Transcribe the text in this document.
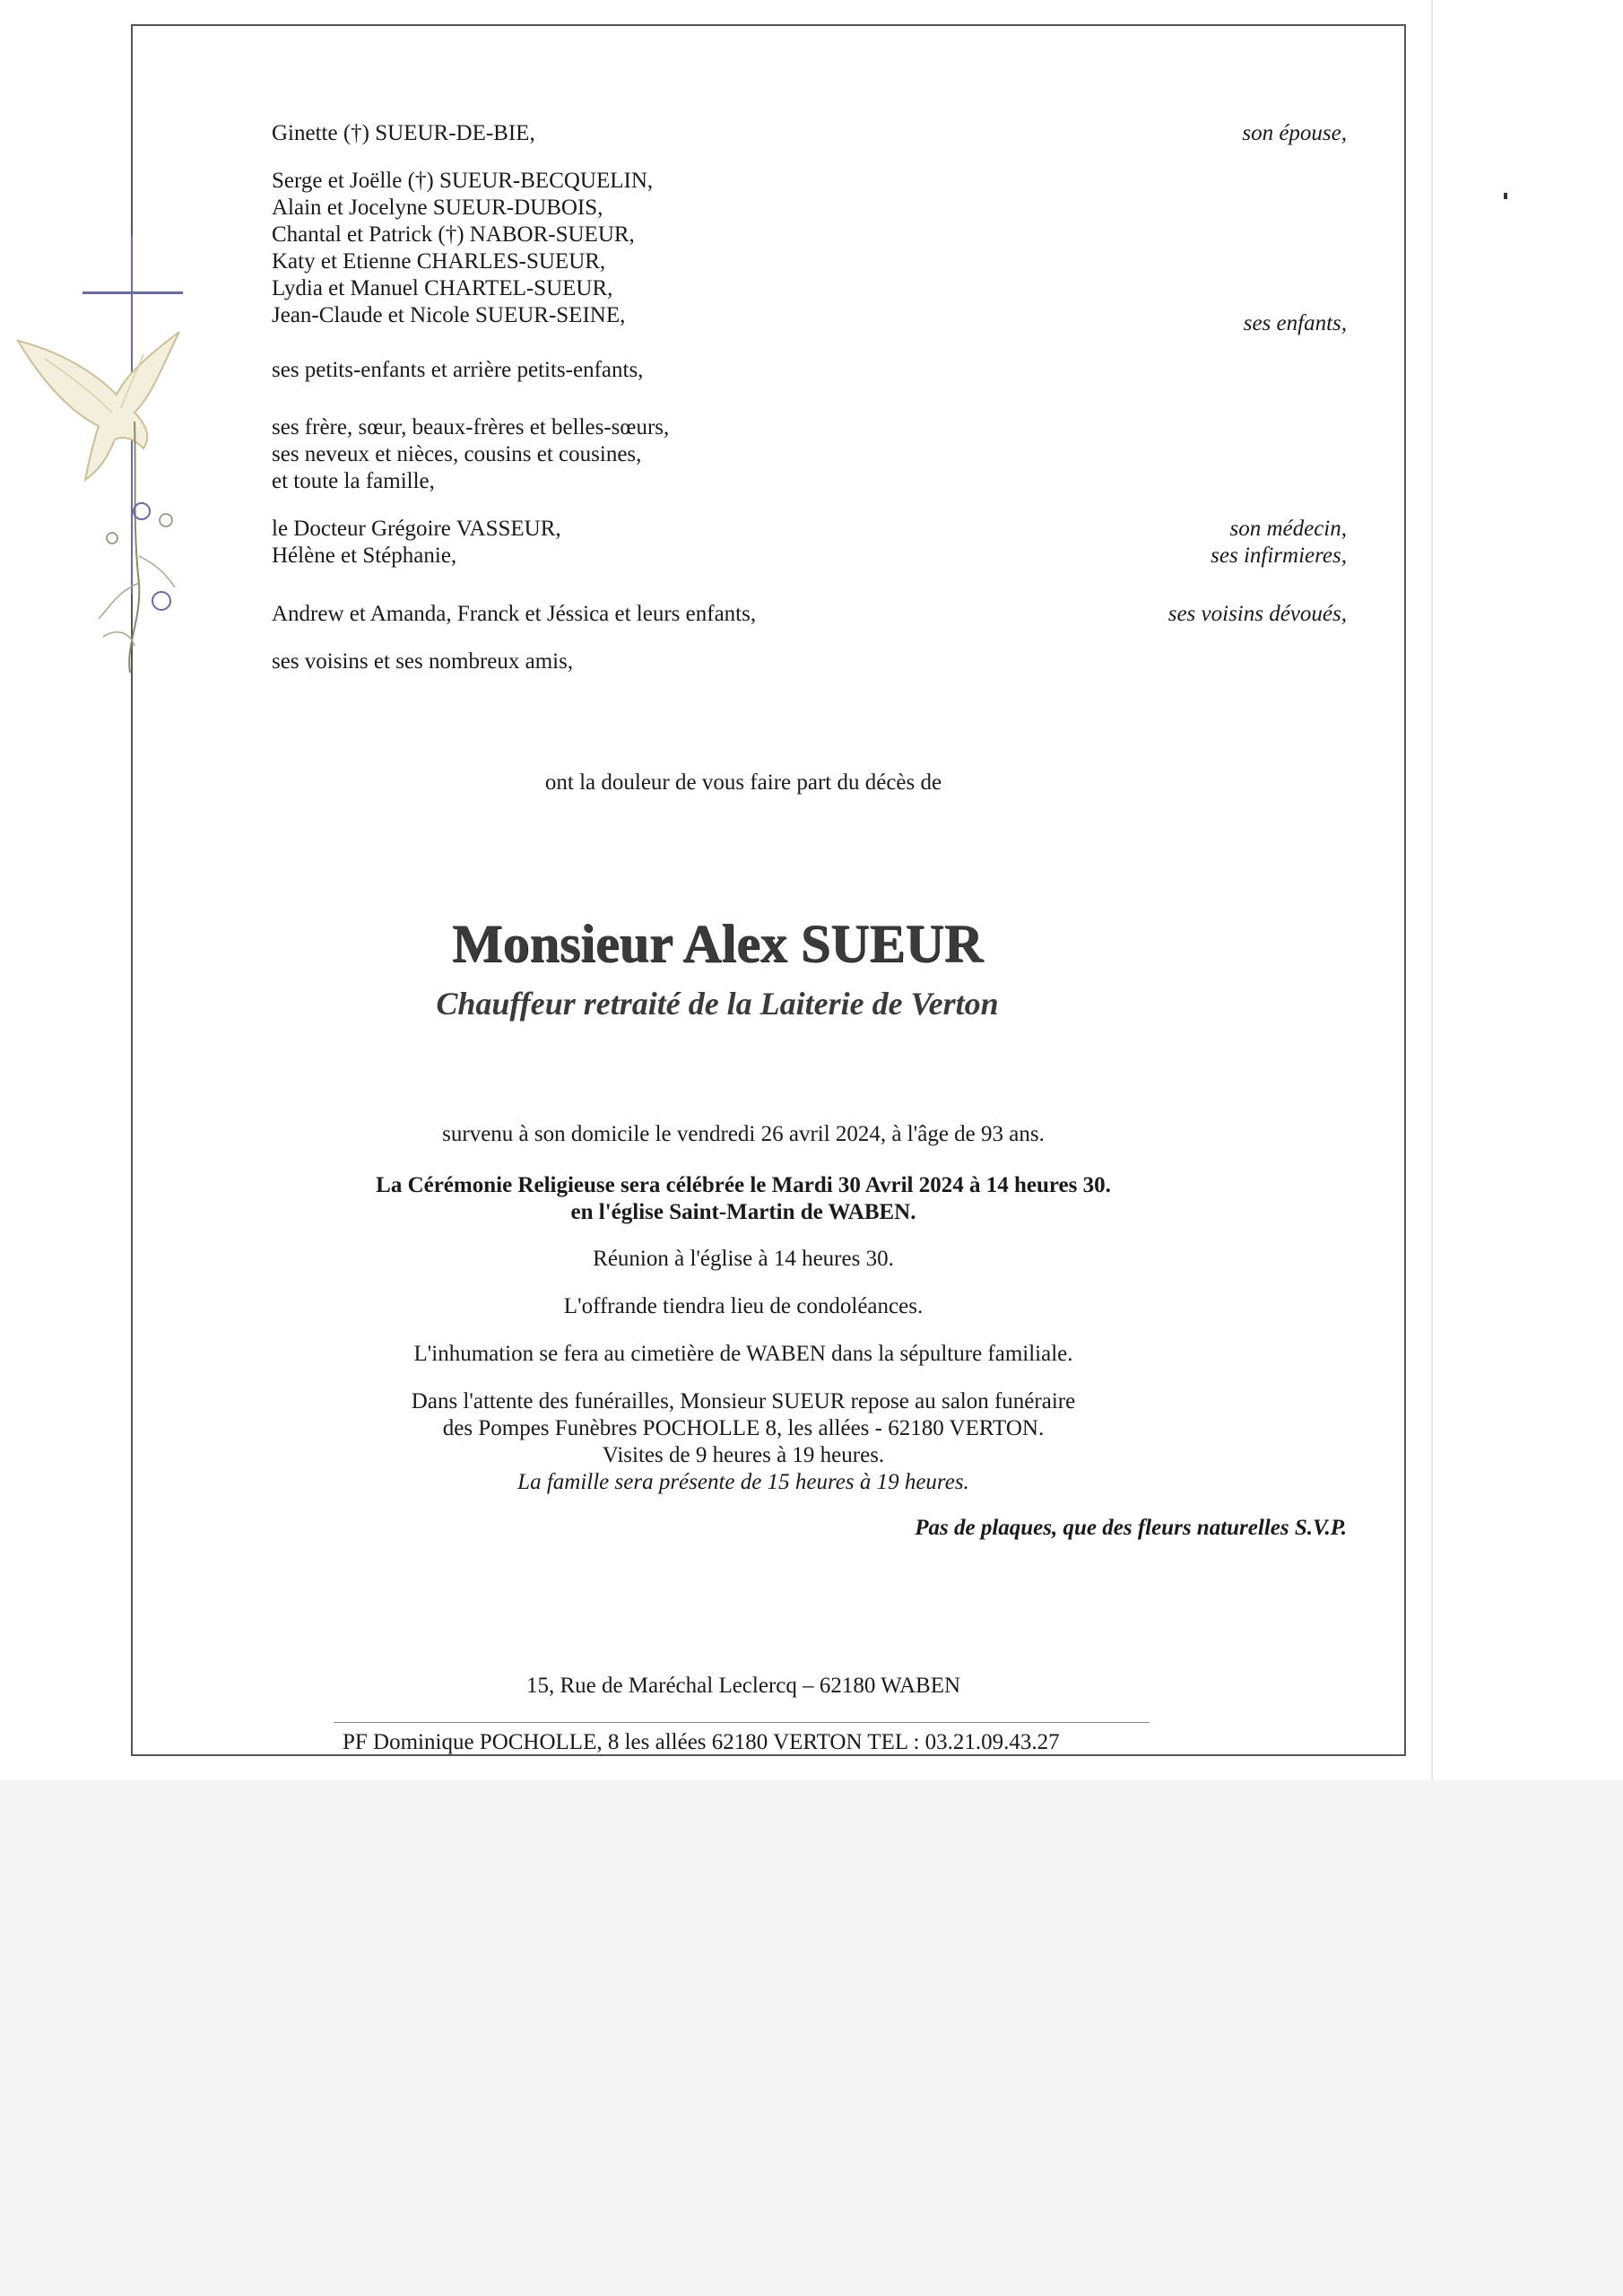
Ginette (†) SUEUR-DE-BIE,	son épouse,
Serge et Joëlle (†) SUEUR-BECQUELIN,
Alain et Jocelyne SUEUR-DUBOIS,
Chantal et Patrick (†) NABOR-SUEUR,
Katy et Etienne CHARLES-SUEUR,
Lydia et Manuel CHARTEL-SUEUR,
Jean-Claude et Nicole SUEUR-SEINE,	ses enfants,
ses petits-enfants et arrière petits-enfants,
ses frère, sœur, beaux-frères et belles-sœurs,
ses neveux et nièces, cousins et cousines,
et toute la famille,
le Docteur Grégoire VASSEUR,	son médecin,
Hélène et Stéphanie,	ses infirmieres,
Andrew et Amanda, Franck et Jéssica et leurs enfants,	ses voisins dévoués,
ses voisins et ses nombreux amis,
ont la douleur de vous faire part du décès de
Monsieur Alex SUEUR
Chauffeur retraité de la Laiterie de Verton
survenu à son domicile le vendredi 26 avril 2024, à l'âge de 93 ans.
La Cérémonie Religieuse sera célébrée le Mardi 30 Avril 2024 à 14 heures 30.
en l'église Saint-Martin de WABEN.
Réunion à l'église à 14 heures 30.
L'offrande tiendra lieu de condoléances.
L'inhumation se fera au cimetière de WABEN dans la sépulture familiale.
Dans l'attente des funérailles, Monsieur SUEUR repose au salon funéraire
des Pompes Funèbres POCHOLLE 8, les allées - 62180 VERTON.
Visites de 9 heures à 19 heures.
La famille sera présente de 15 heures à 19 heures.
Pas de plaques, que des fleurs naturelles S.V.P.
15, Rue de Maréchal Leclercq – 62180 WABEN
PF Dominique POCHOLLE, 8 les allées 62180 VERTON TEL : 03.21.09.43.27
